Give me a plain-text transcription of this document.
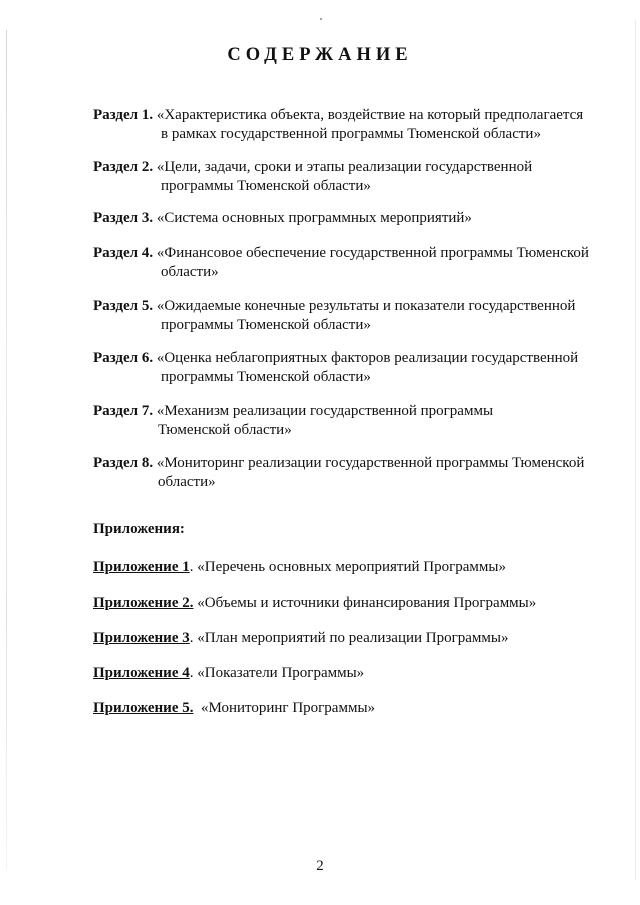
СОДЕРЖАНИЕ
Раздел 1. «Характеристика объекта, воздействие на который предполагается
в рамках государственной программы Тюменской области»
Раздел 2. «Цели, задачи, сроки и этапы реализации государственной
программы Тюменской области»
Раздел 3. «Система основных программных мероприятий»
Раздел 4. «Финансовое обеспечение государственной программы Тюменской
области»
Раздел 5. «Ожидаемые конечные результаты и показатели государственной
программы Тюменской области»
Раздел 6. «Оценка неблагоприятных факторов реализации государственной
программы Тюменской области»
Раздел 7. «Механизм реализации государственной программы
Тюменской области»
Раздел 8. «Мониторинг реализации государственной программы Тюменской
области»
Приложения:
Приложение 1. «Перечень основных мероприятий Программы»
Приложение 2. «Объемы и источники финансирования Программы»
Приложение 3. «План мероприятий по реализации Программы»
Приложение 4. «Показатели Программы»
Приложение 5. «Мониторинг Программы»
2
